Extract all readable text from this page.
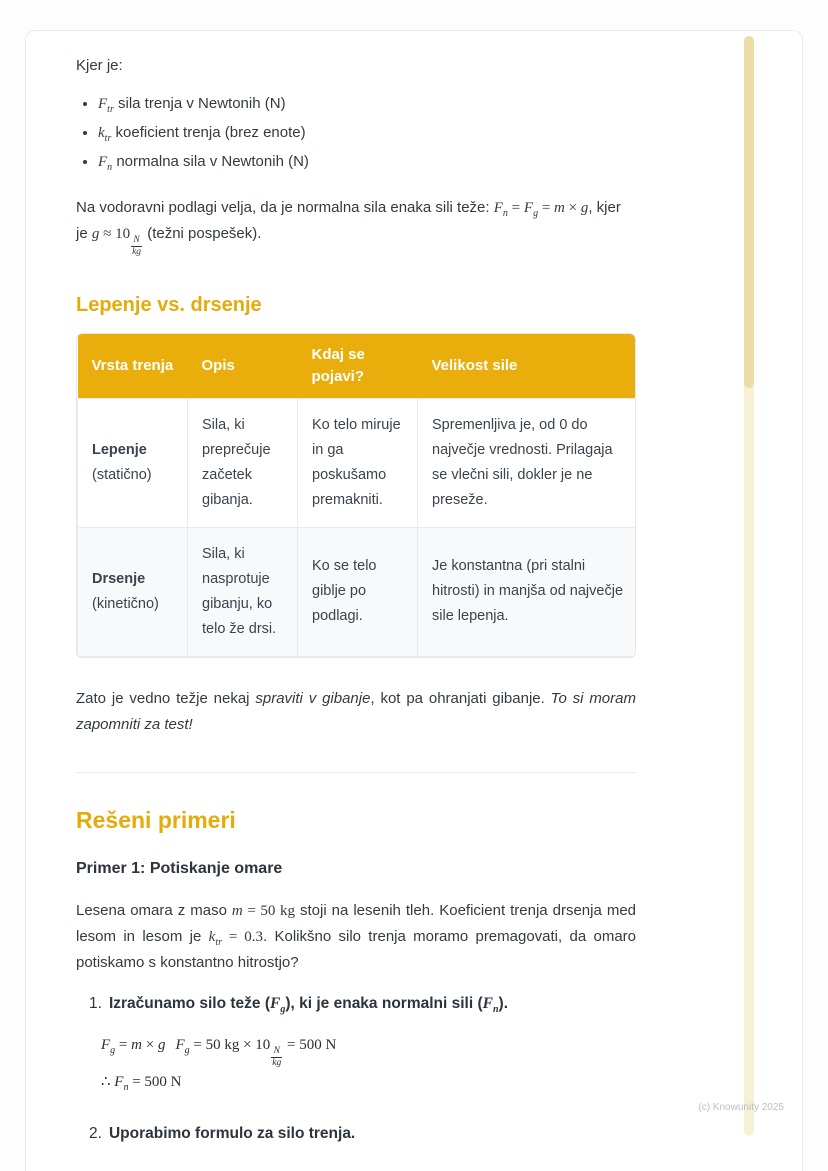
Kjer je:

• $F_{tr}$ sila trenja v Newtonih (N)
• $k_{tr}$ koeficient trenja (brez enote)
• $F_n$ normalna sila v Newtonih (N)

Na vodoravni podlagi velja, da je normalna sila enaka sili teže: $F_n = F_g = m \times g$, kjer je g ≈ 10
$\frac{N}{kg}$
(težni pospešek).

Lepenje vs. drsenje
Vrsta trenja	Opis	Kdaj se pojavi?	Velikost sile
Lepenje (statično)	Sila, ki preprečuje začetek gibanja.	Ko telo miruje in ga poskušamo premakniti.	Spremenljiva je, od 0 do največje vrednosti. Prilagaja se vlečni sili, dokler je ne preseže.
Drsenje (kinetično)	Sila, ki nasprotuje gibanju, ko telo že drsi.	Ko se telo giblje po podlagi.	Je konstantna (pri stalni hitrosti) in manjša od največje sile lepenja.

Zato je vedno težje nekaj spraviti v gibanje, kot pa ohranjati gibanje. To si moram zapomniti za test!

Rešeni primeri
Primer 1: Potiskanje omare

Lesena omara z maso m = 50 kg stoji na lesenih tleh. Koeficient trenja drsenja med lesom in lesom je $k_{tr} = 0.3$. Kolikšno silo trenja moramo premagovati, da omaro potiskamo s konstantno hitrostjo?

1. Izračunamo silo teže $(F_g)$, ki je enaka normalni sili $(F_n)$.
$F_g = m \times g$ $F_g = 50$ kg × 10
$\frac{N}{kg}$
= 500 N
∴ $F_n = 500$ N
2. Uporabimo formulo za silo trenja.
(c) Knowunity 2025
